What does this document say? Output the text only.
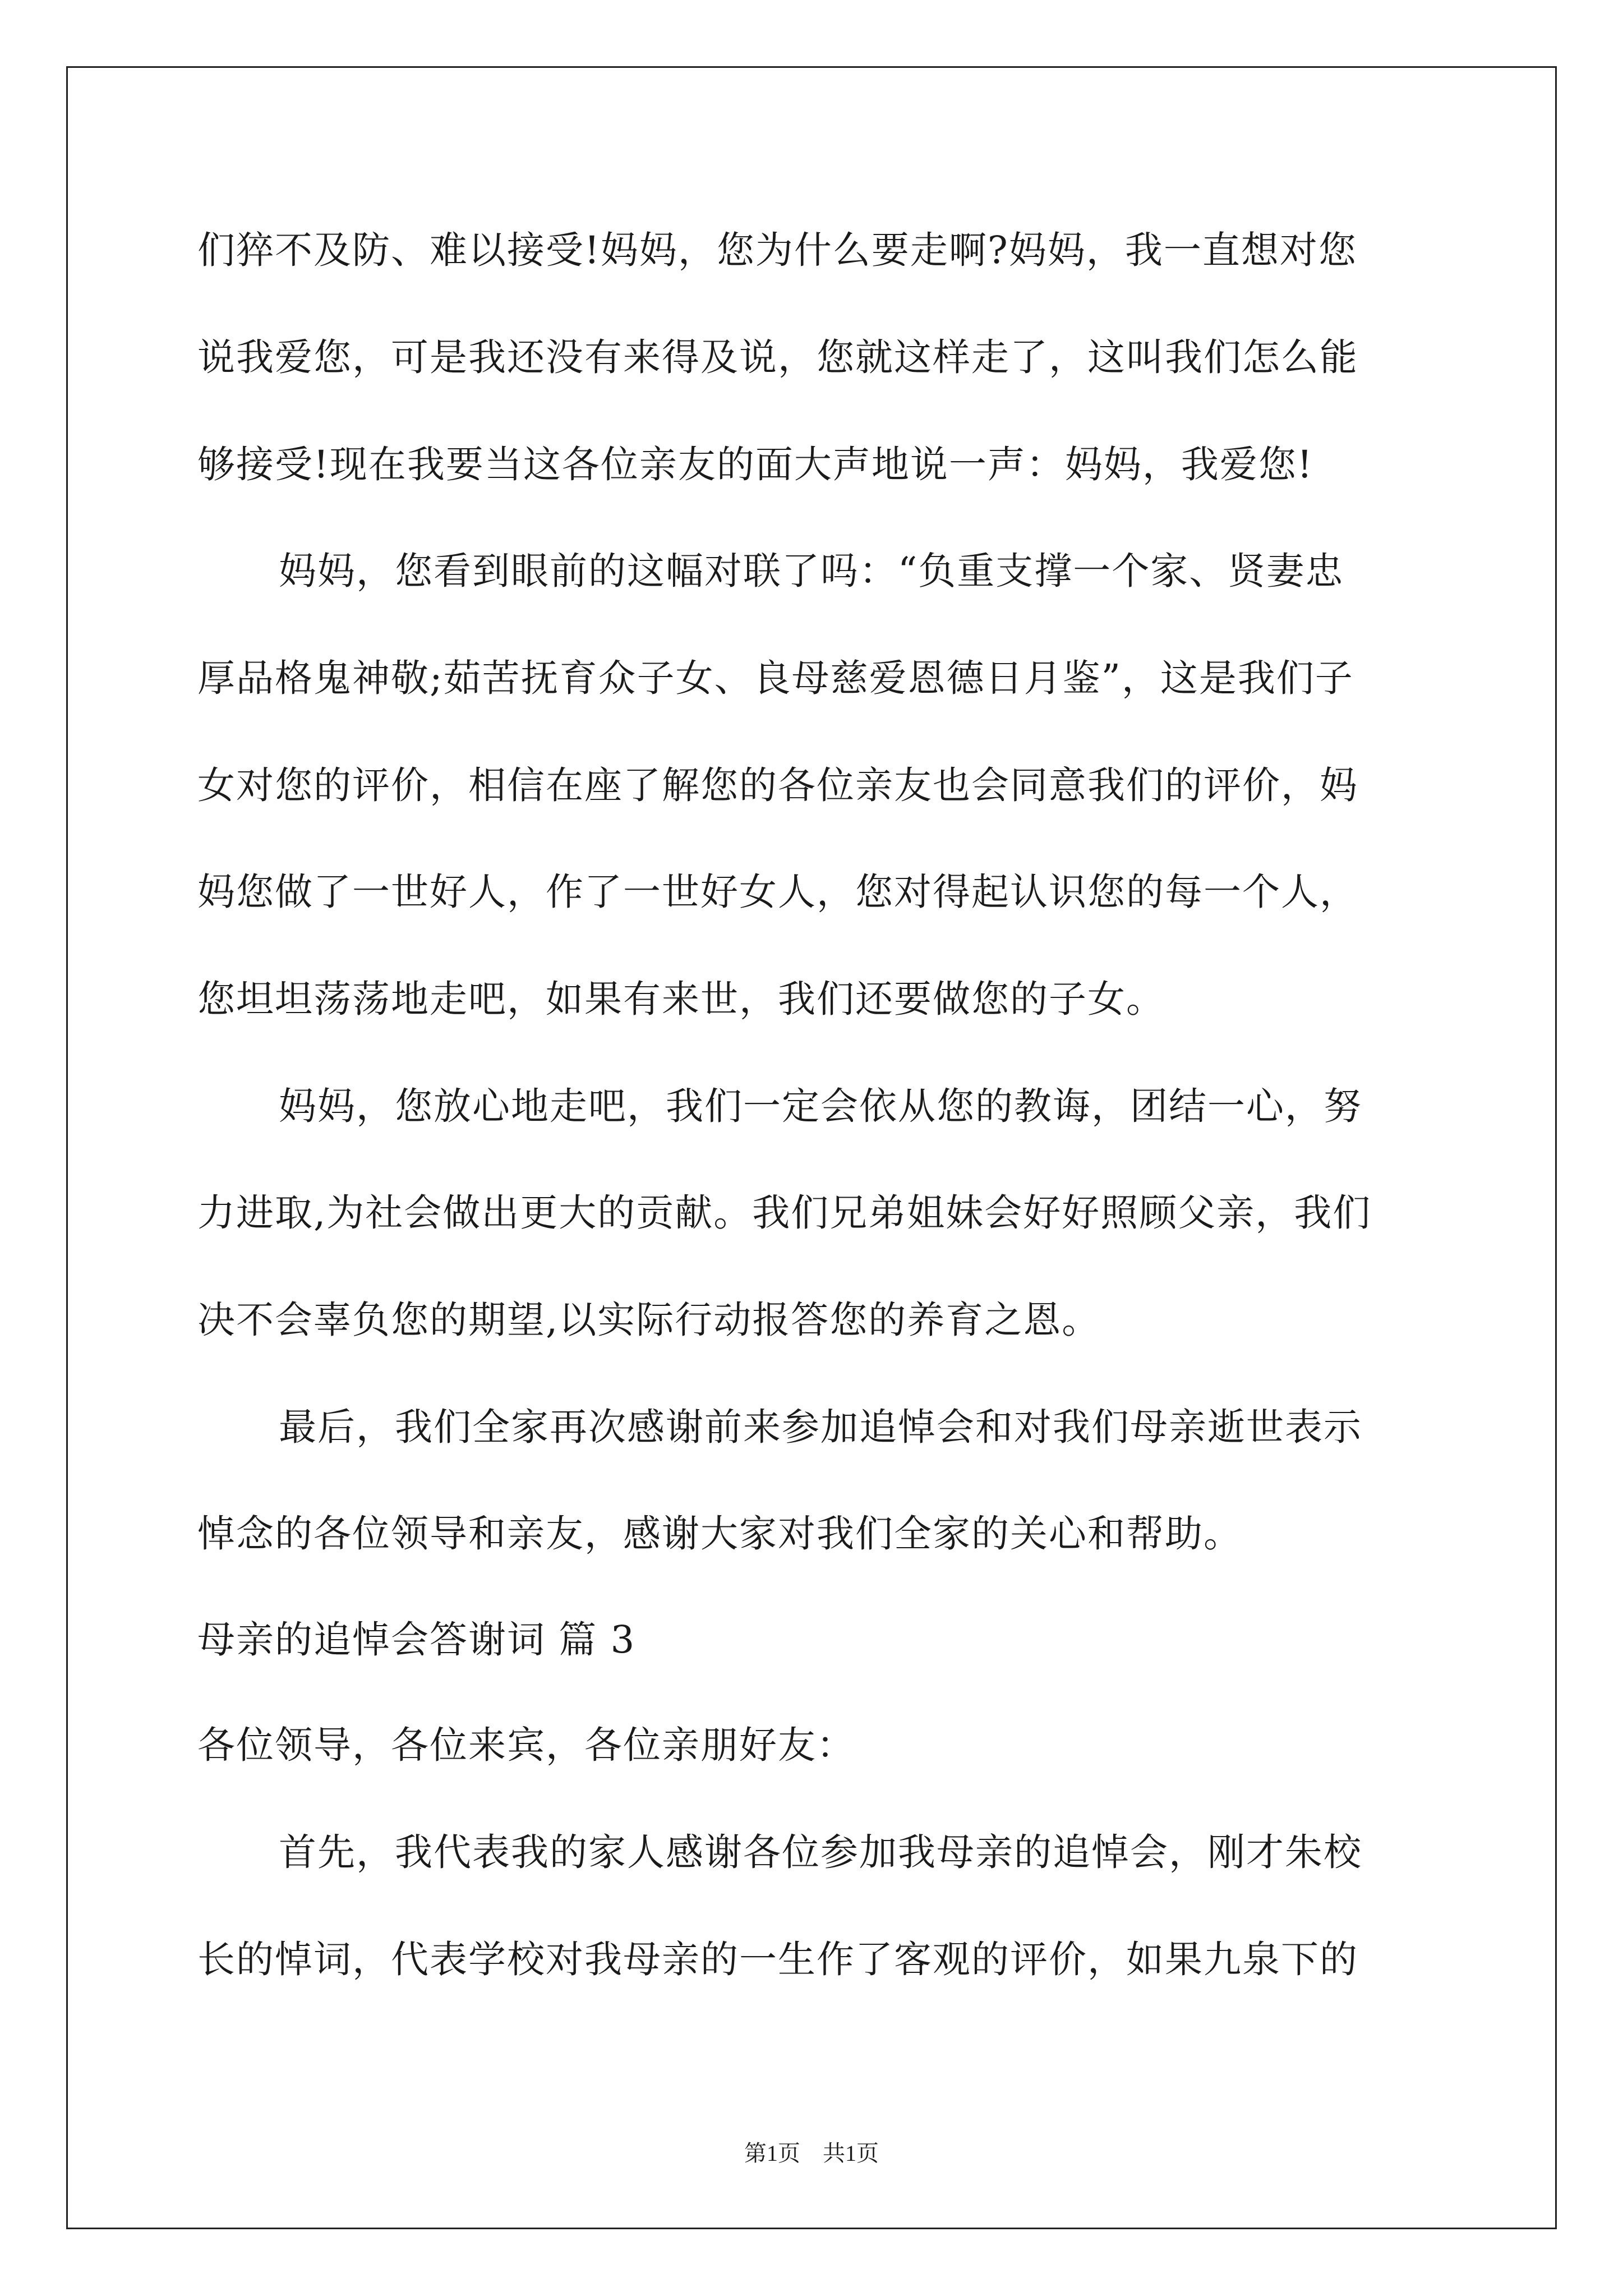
们猝不及防、难以接受!妈妈，您为什么要走啊?妈妈，我一直想对您
说我爱您，可是我还没有来得及说，您就这样走了，这叫我们怎么能
够接受!现在我要当这各位亲友的面大声地说一声：妈妈，我爱您!
妈妈，您看到眼前的这幅对联了吗：“负重支撑一个家、贤妻忠
厚品格鬼神敬;茹苦抚育众子女、良母慈爱恩德日月鉴”，这是我们子
女对您的评价，相信在座了解您的各位亲友也会同意我们的评价，妈
妈您做了一世好人，作了一世好女人，您对得起认识您的每一个人，
您坦坦荡荡地走吧，如果有来世，我们还要做您的子女。
妈妈，您放心地走吧，我们一定会依从您的教诲，团结一心，努
力进取,为社会做出更大的贡献。我们兄弟姐妹会好好照顾父亲，我们
决不会辜负您的期望,以实际行动报答您的养育之恩。
最后，我们全家再次感谢前来参加追悼会和对我们母亲逝世表示
悼念的各位领导和亲友，感谢大家对我们全家的关心和帮助。
母亲的追悼会答谢词 篇 3
各位领导，各位来宾，各位亲朋好友：
首先，我代表我的家人感谢各位参加我母亲的追悼会，刚才朱校
长的悼词，代表学校对我母亲的一生作了客观的评价，如果九泉下的
第1页　共1页
